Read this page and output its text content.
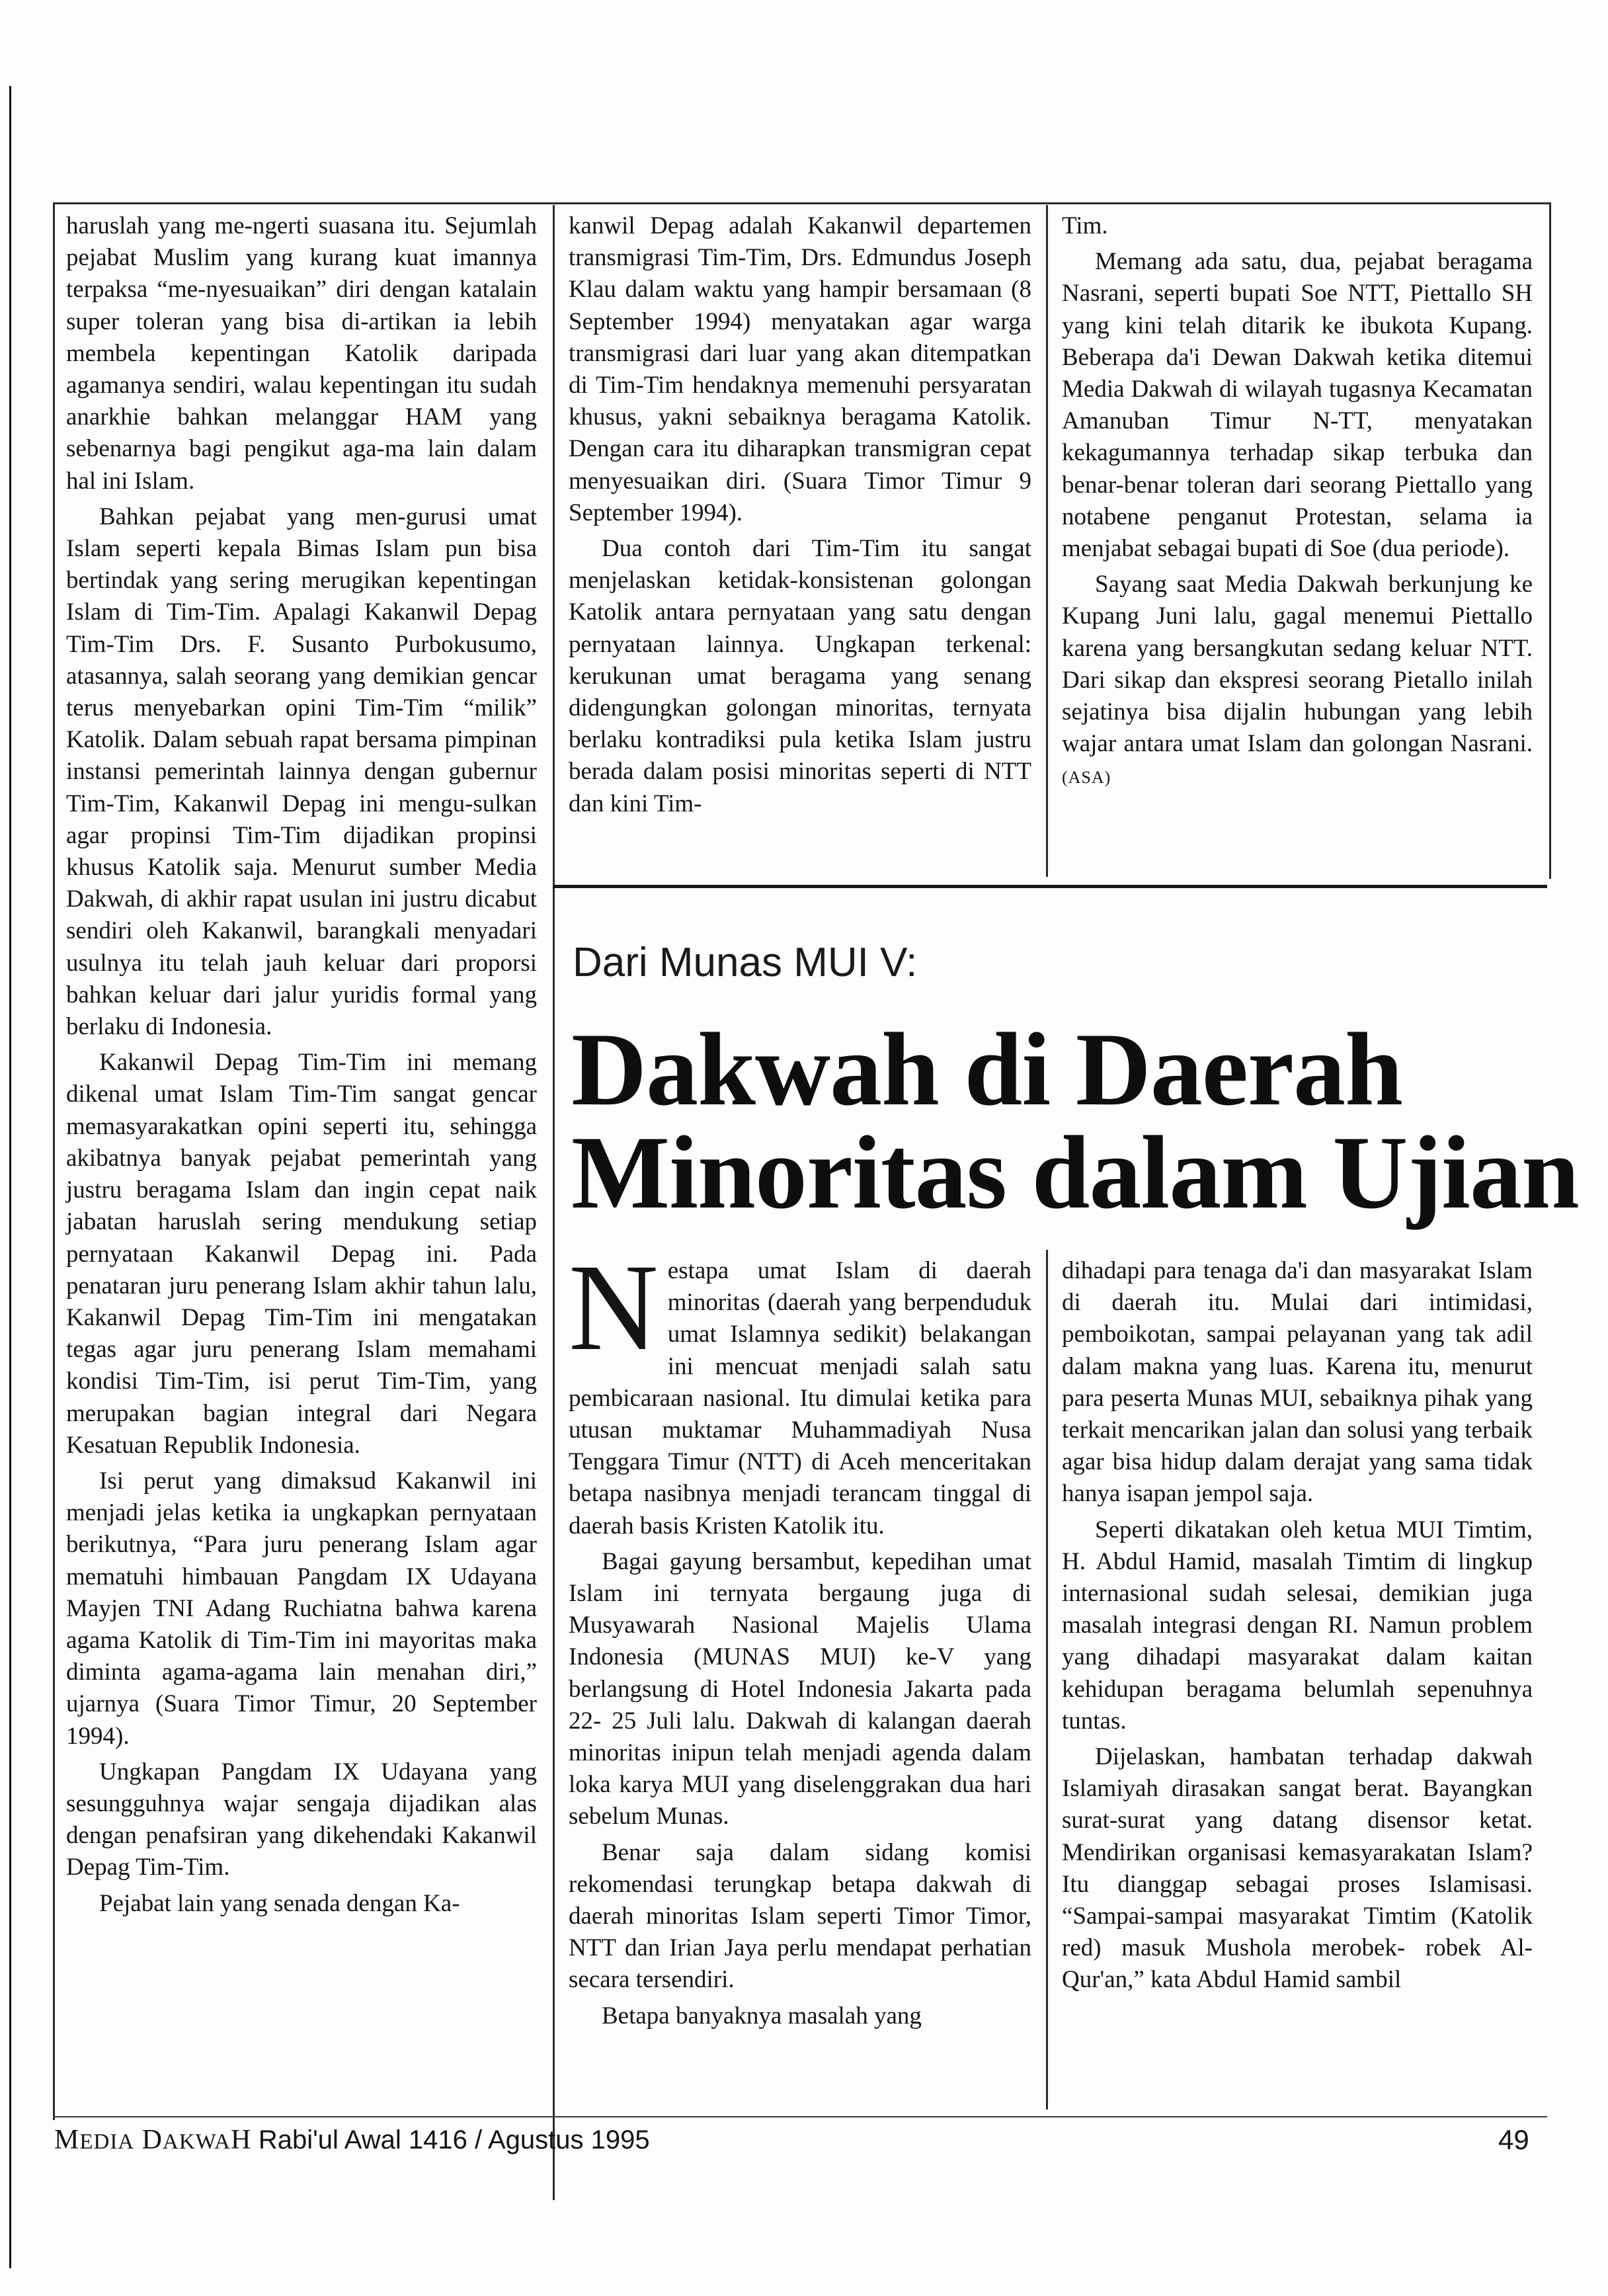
haruslah yang me-ngerti suasana itu. Sejumlah pejabat Muslim yang kurang kuat imannya terpaksa “me-nyesuaikan” diri dengan katalain super toleran yang bisa di-artikan ia lebih membela kepentingan Katolik daripada agamanya sendiri, walau kepentingan itu sudah anarkhie bahkan melanggar HAM yang sebenarnya bagi pengikut aga-ma lain dalam hal ini Islam.

Bahkan pejabat yang men-gurusi umat Islam seperti kepala Bimas Islam pun bisa bertindak yang sering merugikan kepentingan Islam di Tim-Tim. Apalagi Kakanwil Depag Tim-Tim Drs. F. Susanto Purbokusumo, atasannya, salah seorang yang demikian gencar terus menyebarkan opini Tim-Tim “milik” Katolik. Dalam sebuah rapat bersama pimpinan instansi pemerintah lainnya dengan gubernur Tim-Tim, Kakanwil Depag ini mengu-sulkan agar propinsi Tim-Tim dijadikan propinsi khusus Katolik saja. Menurut sumber Media Dakwah, di akhir rapat usulan ini justru dicabut sendiri oleh Kakanwil, barangkali menyadari usulnya itu telah jauh keluar dari proporsi bahkan keluar dari jalur yuridis formal yang berlaku di Indonesia.

Kakanwil Depag Tim-Tim ini memang dikenal umat Islam Tim-Tim sangat gencar memasyarakatkan opini seperti itu, sehingga akibatnya banyak pejabat pemerintah yang justru beragama Islam dan ingin cepat naik jabatan haruslah sering mendukung setiap pernyataan Kakanwil Depag ini. Pada penataran juru penerang Islam akhir tahun lalu, Kakanwil Depag Tim-Tim ini mengatakan tegas agar juru penerang Islam memahami kondisi Tim-Tim, isi perut Tim-Tim, yang merupakan bagian integral dari Negara Kesatuan Republik Indonesia.

Isi perut yang dimaksud Kakanwil ini menjadi jelas ketika ia ungkapkan pernyataan berikutnya, “Para juru penerang Islam agar mematuhi himbauan Pangdam IX Udayana Mayjen TNI Adang Ruchiatna bahwa karena agama Katolik di Tim-Tim ini mayoritas maka diminta agama-agama lain menahan diri,” ujarnya (Suara Timor Timur, 20 September 1994).

Ungkapan Pangdam IX Udayana yang sesungguhnya wajar sengaja dijadikan alas dengan penafsiran yang dikehendaki Kakanwil Depag Tim-Tim.

Pejabat lain yang senada dengan Ka-

kanwil Depag adalah Kakanwil departemen transmigrasi Tim-Tim, Drs. Edmundus Joseph Klau dalam waktu yang hampir bersamaan (8 September 1994) menyatakan agar warga transmigrasi dari luar yang akan ditempatkan di Tim-Tim hendaknya memenuhi persyaratan khusus, yakni sebaiknya beragama Katolik. Dengan cara itu diharapkan transmigran cepat menyesuaikan diri. (Suara Timor Timur 9 September 1994).

Dua contoh dari Tim-Tim itu sangat menjelaskan ketidak-konsistenan golongan Katolik antara pernyataan yang satu dengan pernyataan lainnya. Ungkapan terkenal: kerukunan umat beragama yang senang didengungkan golongan minoritas, ternyata berlaku kontradiksi pula ketika Islam justru berada dalam posisi minoritas seperti di NTT dan kini Tim-

Tim.

Memang ada satu, dua, pejabat beragama Nasrani, seperti bupati Soe NTT, Piettallo SH yang kini telah ditarik ke ibukota Kupang. Beberapa da'i Dewan Dakwah ketika ditemui Media Dakwah di wilayah tugasnya Kecamatan Amanuban Timur N-TT, menyatakan kekagumannya terhadap sikap terbuka dan benar-benar toleran dari seorang Piettallo yang notabene penganut Protestan, selama ia menjabat sebagai bupati di Soe (dua periode).

Sayang saat Media Dakwah berkunjung ke Kupang Juni lalu, gagal menemui Piettallo karena yang bersangkutan sedang keluar NTT. Dari sikap dan ekspresi seorang Pietallo inilah sejatinya bisa dijalin hubungan yang lebih wajar antara umat Islam dan golongan Nasrani. (ASA)

Dari Munas MUI V:
Dakwah di Daerah
Minoritas dalam Ujian

Nestapa umat Islam di daerah minoritas (daerah yang berpenduduk umat Islamnya sedikit) belakangan ini mencuat menjadi salah satu pembicaraan nasional. Itu dimulai ketika para utusan muktamar Muhammadiyah Nusa Tenggara Timur (NTT) di Aceh menceritakan betapa nasibnya menjadi terancam tinggal di daerah basis Kristen Katolik itu.

Bagai gayung bersambut, kepedihan umat Islam ini ternyata bergaung juga di Musyawarah Nasional Majelis Ulama Indonesia (MUNAS MUI) ke-V yang berlangsung di Hotel Indonesia Jakarta pada 22- 25 Juli lalu. Dakwah di kalangan daerah minoritas inipun telah menjadi agenda dalam loka karya MUI yang diselenggrakan dua hari sebelum Munas.

Benar saja dalam sidang komisi rekomendasi terungkap betapa dakwah di daerah minoritas Islam seperti Timor Timor, NTT dan Irian Jaya perlu mendapat perhatian secara tersendiri.

Betapa banyaknya masalah yang

dihadapi para tenaga da'i dan masyarakat Islam di daerah itu. Mulai dari intimidasi, pemboikotan, sampai pelayanan yang tak adil dalam makna yang luas. Karena itu, menurut para peserta Munas MUI, sebaiknya pihak yang terkait mencarikan jalan dan solusi yang terbaik agar bisa hidup dalam derajat yang sama tidak hanya isapan jempol saja.

Seperti dikatakan oleh ketua MUI Timtim, H. Abdul Hamid, masalah Timtim di lingkup internasional sudah selesai, demikian juga masalah integrasi dengan RI. Namun problem yang dihadapi masyarakat dalam kaitan kehidupan beragama belumlah sepenuhnya tuntas.

Dijelaskan, hambatan terhadap dakwah Islamiyah dirasakan sangat berat. Bayangkan surat-surat yang datang disensor ketat. Mendirikan organisasi kemasyarakatan Islam? Itu dianggap sebagai proses Islamisasi. “Sampai-sampai masyarakat Timtim (Katolik red) masuk Mushola merobek- robek Al-Qur'an,” kata Abdul Hamid sambil

MEDIA DAKWAH Rabi'ul Awal 1416 / Agustus 1995	49
